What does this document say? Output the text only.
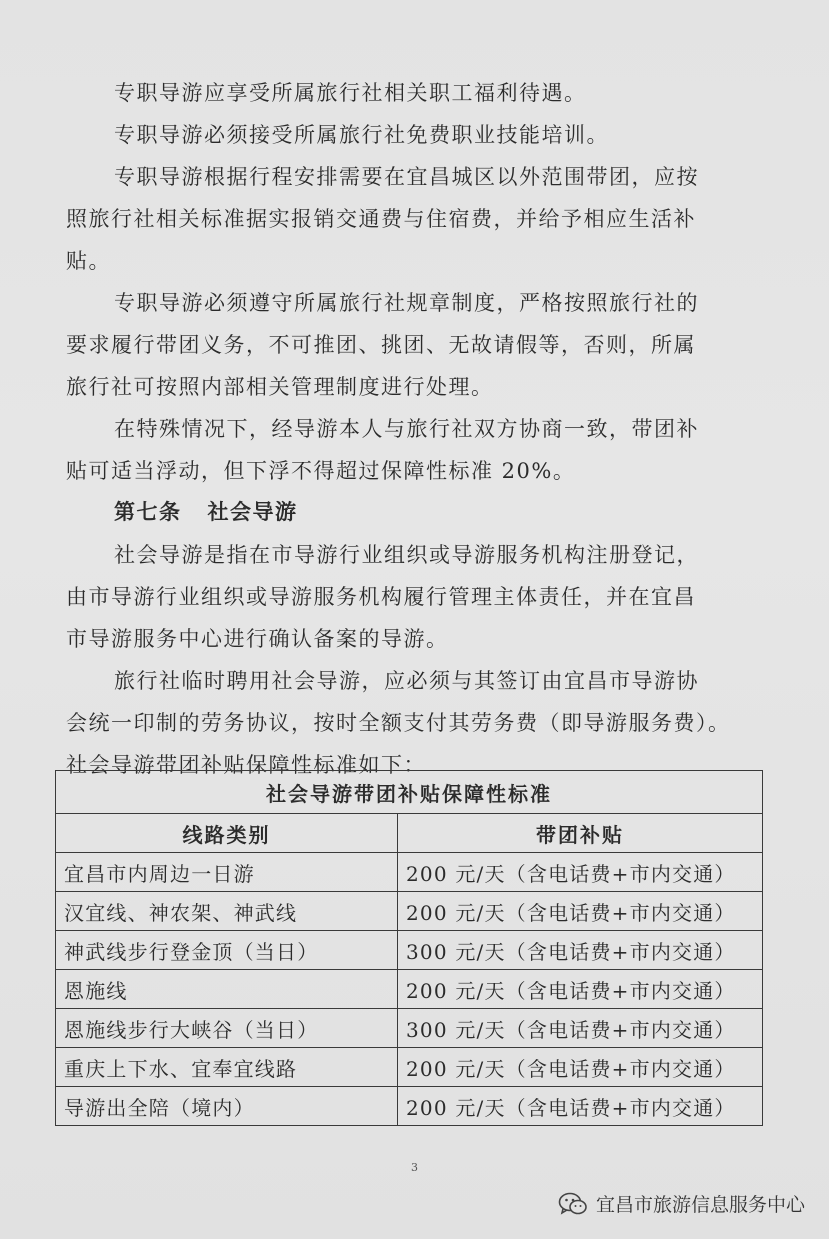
专职导游应享受所属旅行社相关职工福利待遇。
专职导游必须接受所属旅行社免费职业技能培训。
专职导游根据行程安排需要在宜昌城区以外范围带团，应按
照旅行社相关标准据实报销交通费与住宿费，并给予相应生活补
贴。
专职导游必须遵守所属旅行社规章制度，严格按照旅行社的
要求履行带团义务，不可推团、挑团、无故请假等，否则，所属
旅行社可按照内部相关管理制度进行处理。
在特殊情况下，经导游本人与旅行社双方协商一致，带团补
贴可适当浮动，但下浮不得超过保障性标准 20%。
第七条 社会导游
社会导游是指在市导游行业组织或导游服务机构注册登记，
由市导游行业组织或导游服务机构履行管理主体责任，并在宜昌
市导游服务中心进行确认备案的导游。
旅行社临时聘用社会导游，应必须与其签订由宜昌市导游协
会统一印制的劳务协议，按时全额支付其劳务费（即导游服务费）。
社会导游带团补贴保障性标准如下：
社会导游带团补贴保障性标准	
线路类别	带团补贴
宜昌市内周边一日游	200 元/天（含电话费+市内交通）
汉宜线、神农架、神武线	200 元/天（含电话费+市内交通）
神武线步行登金顶（当日）	300 元/天（含电话费+市内交通）
恩施线	200 元/天（含电话费+市内交通）
恩施线步行大峡谷（当日）	300 元/天（含电话费+市内交通）
重庆上下水、宜奉宜线路	200 元/天（含电话费+市内交通）
导游出全陪（境内）	200 元/天（含电话费+市内交通）
3
宜昌市旅游信息服务中心
